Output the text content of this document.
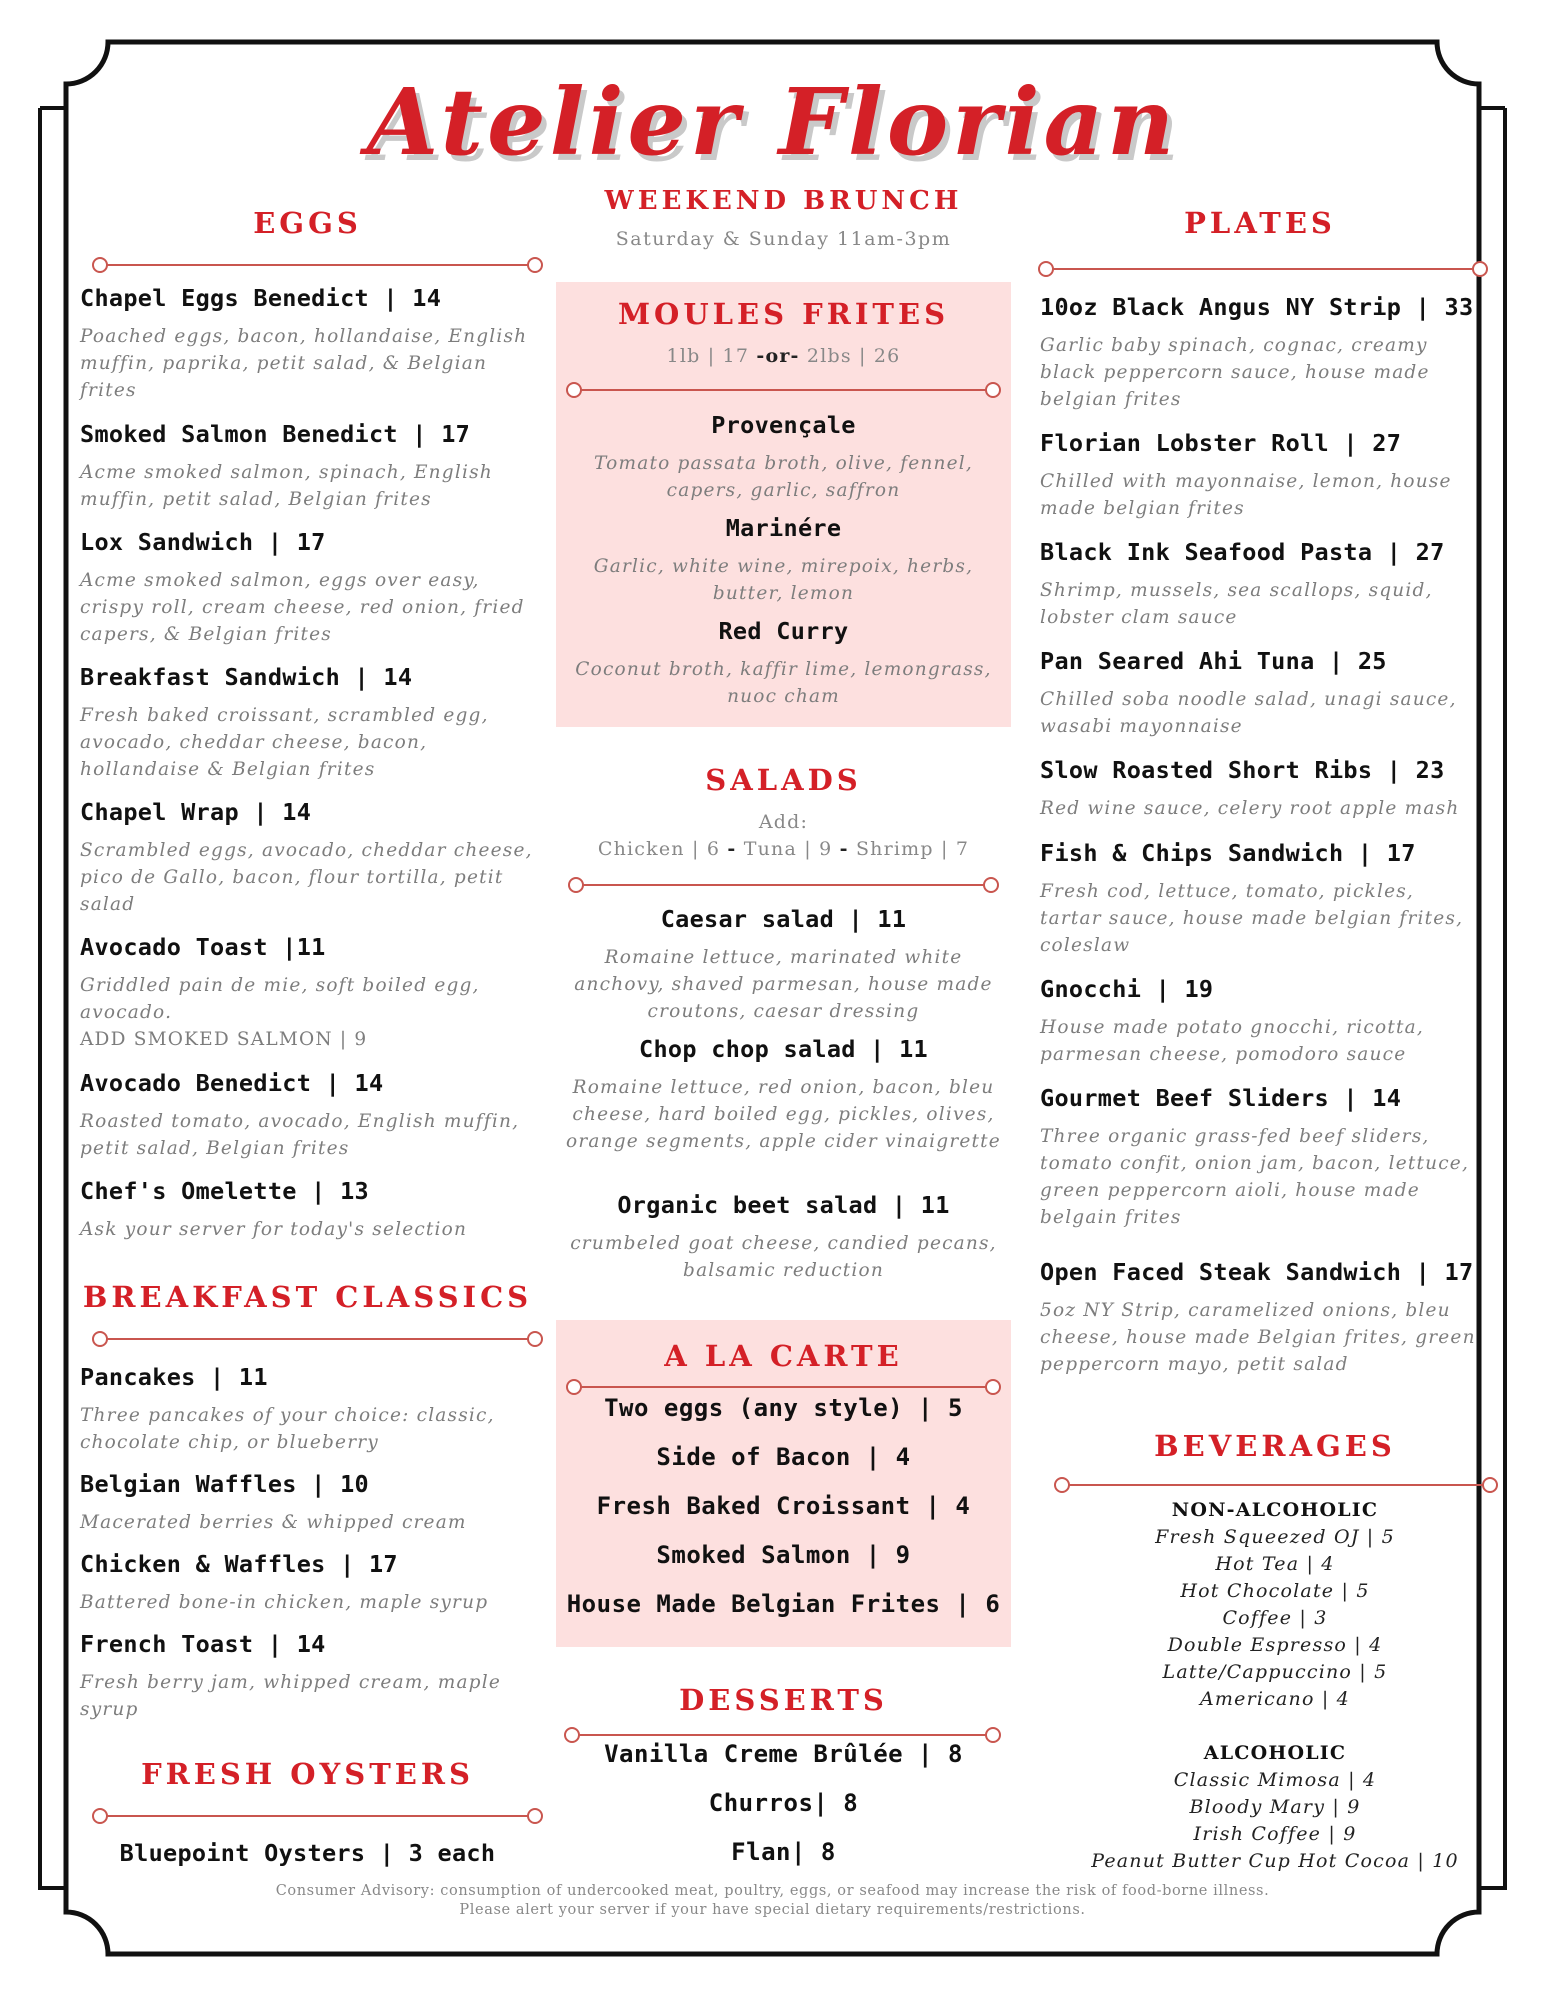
Atelier Florian
WEEKEND BRUNCH
Saturday & Sunday 11am-3pm
EGGS
Chapel Eggs Benedict | 14
Poached eggs, bacon, hollandaise, English muffin, paprika, petit salad, & Belgian frites
Smoked Salmon Benedict | 17
Acme smoked salmon, spinach, English muffin, petit salad, Belgian frites
Lox Sandwich | 17
Acme smoked salmon, eggs over easy, crispy roll, cream cheese, red onion, fried capers, & Belgian frites
Breakfast Sandwich | 14
Fresh baked croissant, scrambled egg, avocado, cheddar cheese, bacon, hollandaise & Belgian frites
Chapel Wrap | 14
Scrambled eggs, avocado, cheddar cheese, pico de Gallo, bacon, flour tortilla, petit salad
Avocado Toast |11
Griddled pain de mie, soft boiled egg, avocado.
ADD SMOKED SALMON | 9
Avocado Benedict | 14
Roasted tomato, avocado, English muffin, petit salad, Belgian frites
Chef's Omelette | 13
Ask your server for today's selection
BREAKFAST CLASSICS
Pancakes | 11
Three pancakes of your choice: classic, chocolate chip, or blueberry
Belgian Waffles | 10
Macerated berries & whipped cream
Chicken & Waffles | 17
Battered bone-in chicken, maple syrup
French Toast | 14
Fresh berry jam, whipped cream, maple syrup
FRESH OYSTERS
Bluepoint Oysters | 3 each
MOULES FRITES
1lb | 17 -or- 2lbs | 26
Provençale
Tomato passata broth, olive, fennel, capers, garlic, saffron
Marinére
Garlic, white wine, mirepoix, herbs, butter, lemon
Red Curry
Coconut broth, kaffir lime, lemongrass, nuoc cham
SALADS
Add:
Chicken | 6 - Tuna | 9 - Shrimp | 7
Caesar salad | 11
Romaine lettuce, marinated white anchovy, shaved parmesan, house made croutons, caesar dressing
Chop chop salad | 11
Romaine lettuce, red onion, bacon, bleu cheese, hard boiled egg, pickles, olives, orange segments, apple cider vinaigrette
Organic beet salad | 11
crumbeled goat cheese, candied pecans, balsamic reduction
A LA CARTE
Two eggs (any style) | 5
Side of Bacon | 4
Fresh Baked Croissant | 4
Smoked Salmon | 9
House Made Belgian Frites | 6
DESSERTS
Vanilla Creme Brûlée | 8
Churros| 8
Flan| 8
PLATES
10oz Black Angus NY Strip | 33
Garlic baby spinach, cognac, creamy black peppercorn sauce, house made belgian frites
Florian Lobster Roll | 27
Chilled with mayonnaise, lemon, house made belgian frites
Black Ink Seafood Pasta | 27
Shrimp, mussels, sea scallops, squid, lobster clam sauce
Pan Seared Ahi Tuna | 25
Chilled soba noodle salad, unagi sauce, wasabi mayonnaise
Slow Roasted Short Ribs | 23
Red wine sauce, celery root apple mash
Fish & Chips Sandwich | 17
Fresh cod, lettuce, tomato, pickles, tartar sauce, house made belgian frites, coleslaw
Gnocchi | 19
House made potato gnocchi, ricotta, parmesan cheese, pomodoro sauce
Gourmet Beef Sliders | 14
Three organic grass-fed beef sliders, tomato confit, onion jam, bacon, lettuce, green peppercorn aioli, house made belgain frites
Open Faced Steak Sandwich | 17
5oz NY Strip, caramelized onions, bleu cheese, house made Belgian frites, green peppercorn mayo, petit salad
BEVERAGES
NON-ALCOHOLIC
Fresh Squeezed OJ | 5
Hot Tea | 4
Hot Chocolate | 5
Coffee | 3
Double Espresso | 4
Latte/Cappuccino | 5
Americano | 4
ALCOHOLIC
Classic Mimosa | 4
Bloody Mary | 9
Irish Coffee | 9
Peanut Butter Cup Hot Cocoa | 10
Consumer Advisory: consumption of undercooked meat, poultry, eggs, or seafood may increase the risk of food-borne illness.
Please alert your server if your have special dietary requirements/restrictions.
